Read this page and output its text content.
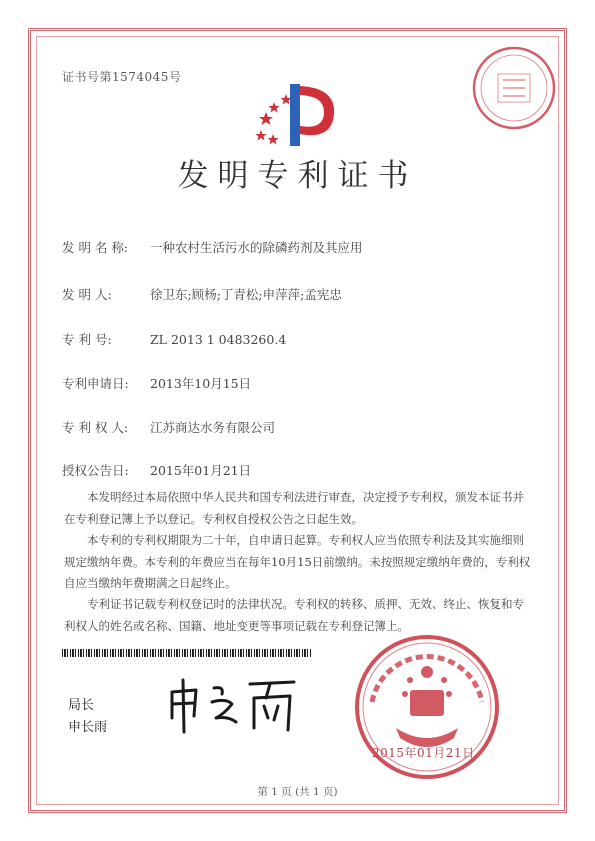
证书号第1574045号
发明专利证书
发 明 名 称: 一种农村生活污水的除磷药剂及其应用
发 明 人:	徐卫东;顾杨;丁青松;申萍萍;孟宪忠
专 利 号:	ZL 2013 1 0483260.4
专利申请日: 2013年10月15日
专 利 权 人: 江苏商达水务有限公司
授权公告日: 2015年01月21日

本发明经过本局依照中华人民共和国专利法进行审查，决定授予专利权，颁发本证书并在专利登记簿上予以登记。专利权自授权公告之日起生效。

本专利的专利权期限为二十年，自申请日起算。专利权人应当依照专利法及其实施细则规定缴纳年费。本专利的年费应当在每年10月15日前缴纳。未按照规定缴纳年费的，专利权自应当缴纳年费期满之日起终止。

专利证书记载专利权登记时的法律状况。专利权的转移、质押、无效、终止、恢复和专利权人的姓名或名称、国籍、地址变更等事项记载在专利登记簿上。

局长
申长雨
2015年01月21日
第 1 页 (共 1 页)
